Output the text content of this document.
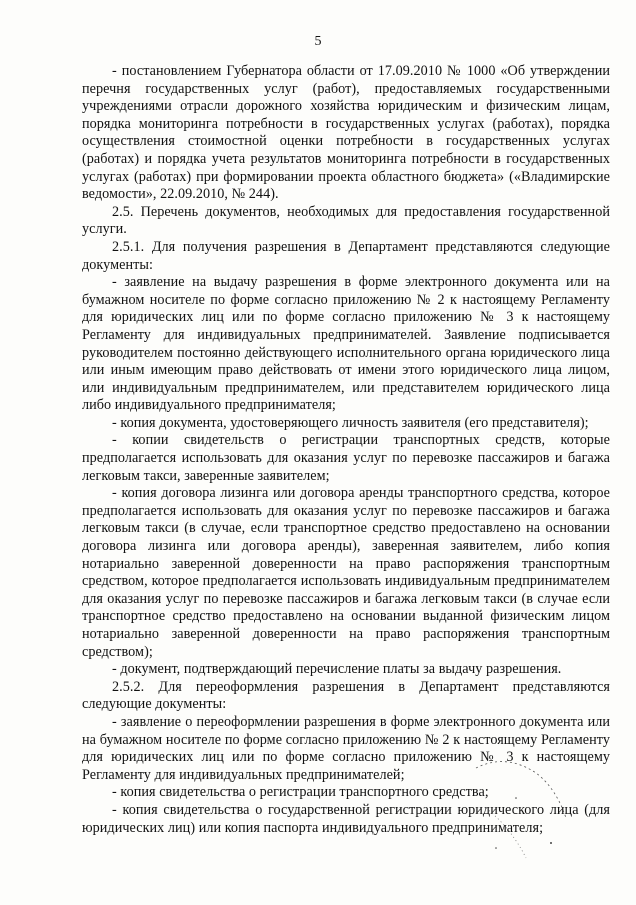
5

- постановлением Губернатора области от 17.09.2010 № 1000 «Об утверждении перечня государственных услуг (работ), предоставляемых государственными учреждениями отрасли дорожного хозяйства юридическим и физическим лицам, порядка мониторинга потребности в государственных услугах (работах), порядка осуществления стоимостной оценки потребности в государственных услугах (работах) и порядка учета результатов мониторинга потребности в государственных услугах (работах) при формировании проекта областного бюджета» («Владимирские ведомости», 22.09.2010, № 244).

2.5. Перечень документов, необходимых для предоставления государственной услуги.

2.5.1. Для получения разрешения в Департамент представляются следующие документы:

- заявление на выдачу разрешения в форме электронного документа или на бумажном носителе по форме согласно приложению № 2 к настоящему Регламенту для юридических лиц или по форме согласно приложению № 3 к настоящему Регламенту для индивидуальных предпринимателей. Заявление подписывается руководителем постоянно действующего исполнительного органа юридического лица или иным имеющим право действовать от имени этого юридического лица лицом, или индивидуальным предпринимателем, или представителем юридического лица либо индивидуального предпринимателя;

- копия документа, удостоверяющего личность заявителя (его представителя);

- копии свидетельств о регистрации транспортных средств, которые предполагается использовать для оказания услуг по перевозке пассажиров и багажа легковым такси, заверенные заявителем;

- копия договора лизинга или договора аренды транспортного средства, которое предполагается использовать для оказания услуг по перевозке пассажиров и багажа легковым такси (в случае, если транспортное средство предоставлено на основании договора лизинга или договора аренды), заверенная заявителем, либо копия нотариально заверенной доверенности на право распоряжения транспортным средством, которое предполагается использовать индивидуальным предпринимателем для оказания услуг по перевозке пассажиров и багажа легковым такси (в случае если транспортное средство предоставлено на основании выданной физическим лицом нотариально заверенной доверенности на право распоряжения транспортным средством);

- документ, подтверждающий перечисление платы за выдачу разрешения.

2.5.2. Для переоформления разрешения в Департамент представляются следующие документы:

- заявление о переоформлении разрешения в форме электронного документа или на бумажном носителе по форме согласно приложению № 2 к настоящему Регламенту для юридических лиц или по форме согласно приложению № 3 к настоящему Регламенту для индивидуальных предпринимателей;

- копия свидетельства о регистрации транспортного средства;

- копия свидетельства о государственной регистрации юридического лица (для юридических лиц) или копия паспорта индивидуального предпринимателя;
